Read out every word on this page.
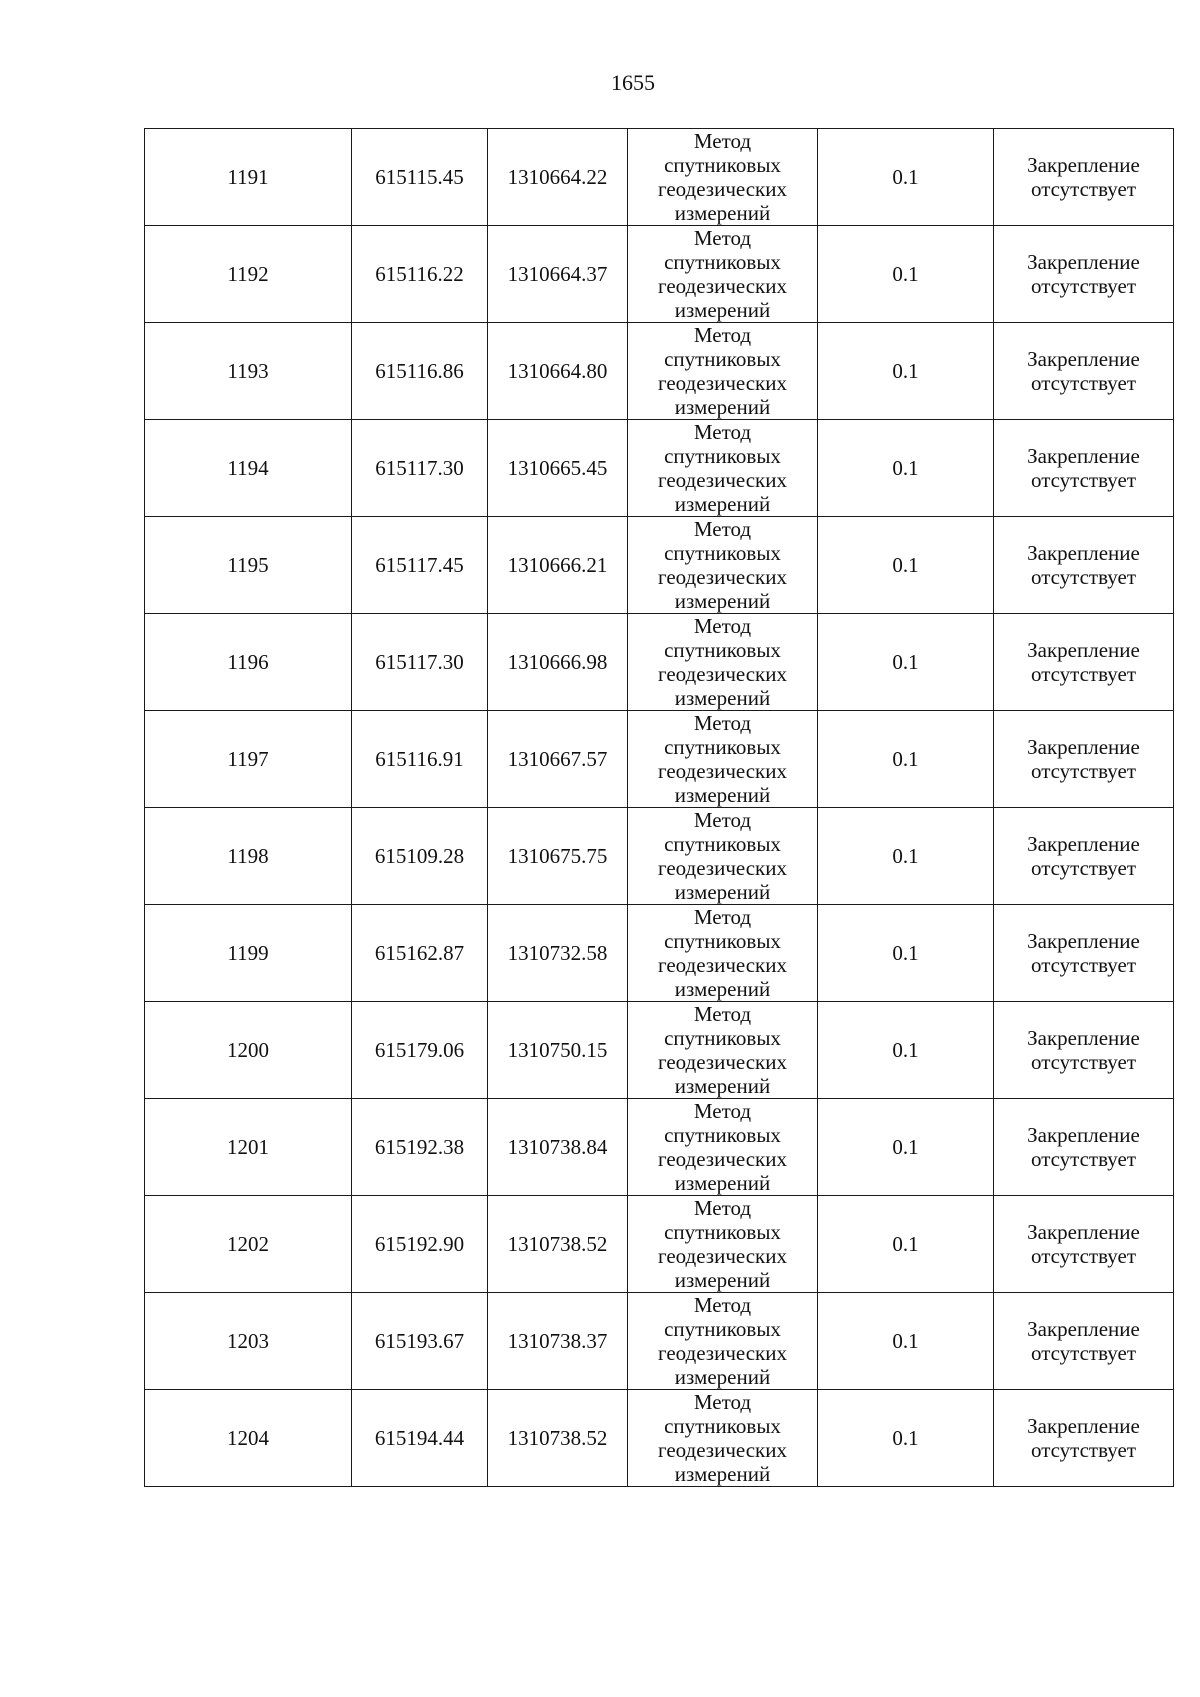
1655
1191	615115.45	1310664.22	Метод
спутниковых
геодезических
измерений	0.1	Закрепление
отсутствует

1192	615116.22	1310664.37	Метод
спутниковых
геодезических
измерений	0.1	Закрепление
отсутствует

1193	615116.86	1310664.80	Метод
спутниковых
геодезических
измерений	0.1	Закрепление
отсутствует

1194	615117.30	1310665.45	Метод
спутниковых
геодезических
измерений	0.1	Закрепление
отсутствует

1195	615117.45	1310666.21	Метод
спутниковых
геодезических
измерений	0.1	Закрепление
отсутствует

1196	615117.30	1310666.98	Метод
спутниковых
геодезических
измерений	0.1	Закрепление
отсутствует

1197	615116.91	1310667.57	Метод
спутниковых
геодезических
измерений	0.1	Закрепление
отсутствует

1198	615109.28	1310675.75	Метод
спутниковых
геодезических
измерений	0.1	Закрепление
отсутствует

1199	615162.87	1310732.58	Метод
спутниковых
геодезических
измерений	0.1	Закрепление
отсутствует

1200	615179.06	1310750.15	Метод
спутниковых
геодезических
измерений	0.1	Закрепление
отсутствует

1201	615192.38	1310738.84	Метод
спутниковых
геодезических
измерений	0.1	Закрепление
отсутствует

1202	615192.90	1310738.52	Метод
спутниковых
геодезических
измерений	0.1	Закрепление
отсутствует

1203	615193.67	1310738.37	Метод
спутниковых
геодезических
измерений	0.1	Закрепление
отсутствует

1204	615194.44	1310738.52	Метод
спутниковых
геодезических
измерений	0.1	Закрепление
отсутствует
